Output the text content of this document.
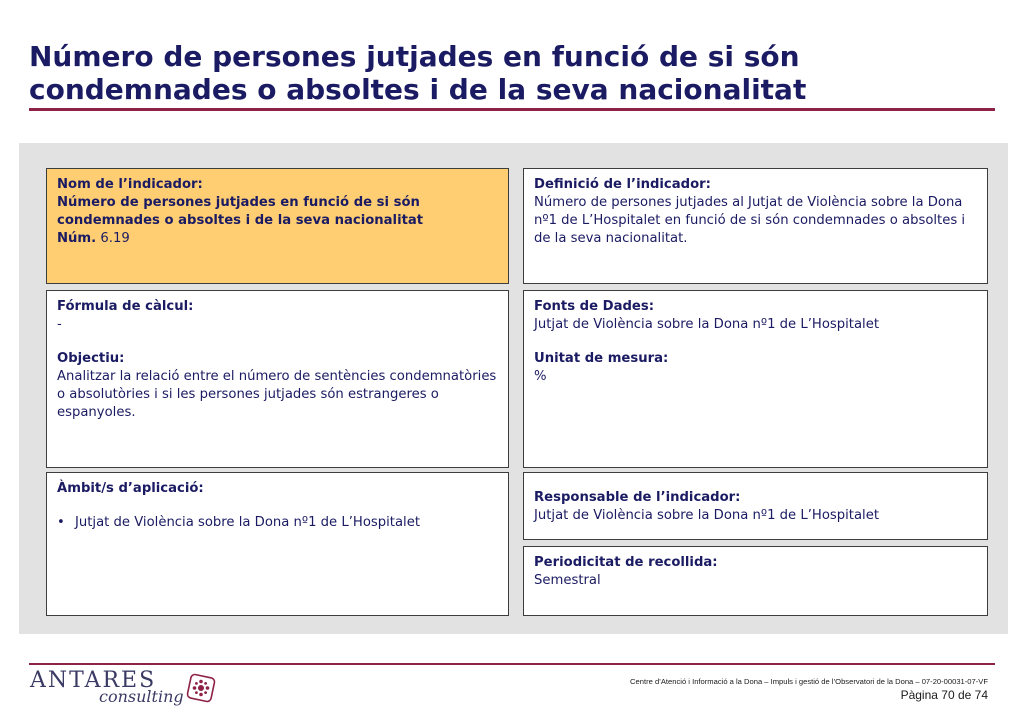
Número de persones jutjades en funció de si són condemnades o absoltes i de la seva nacionalitat
Nom de l’indicador:
Número de persones jutjades en funció de si són condemnades o absoltes i de la seva nacionalitat
Núm. 6.19
Definició de l’indicador:
Número de persones jutjades al Jutjat de Violència sobre la Dona nº1 de L’Hospitalet en funció de si són condemnades o absoltes i de la seva nacionalitat.
Fórmula de càlcul:
-
Objectiu:
Analitzar la relació entre el número de sentències condemnatòries o absolutòries i si les persones jutjades són estrangeres o espanyoles.
Fonts de Dades:
Jutjat de Violència sobre la Dona nº1 de L’Hospitalet
Unitat de mesura:
%
Àmbit/s d’aplicació:
• Jutjat de Violència sobre la Dona nº1 de L’Hospitalet
Responsable de l’indicador:
Jutjat de Violència sobre la Dona nº1 de L’Hospitalet
Periodicitat de recollida:
Semestral
ANTARES
consulting
Centre d’Atenció i Informació a la Dona – Impuls i gestió de l’Observatori de la Dona – 07-20-00031-07-VF
Pàgina 70 de 74
